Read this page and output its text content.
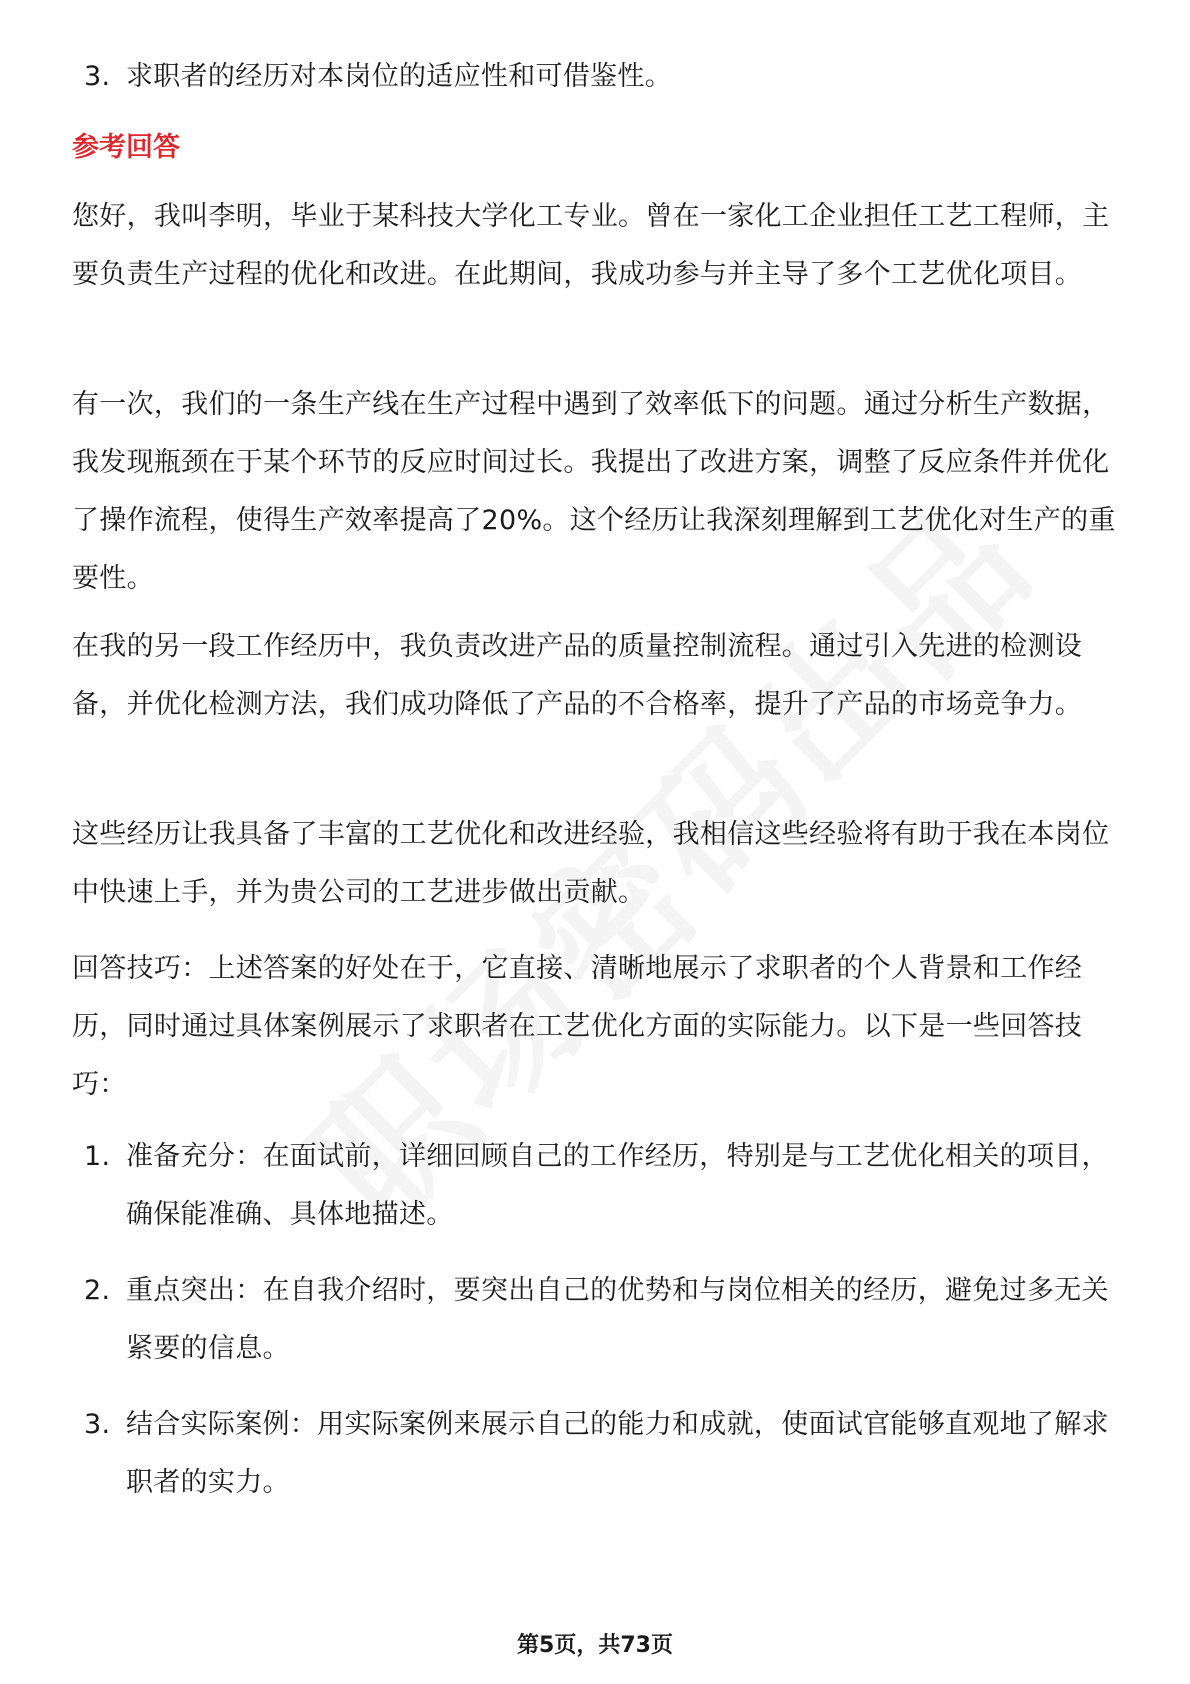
3. 求职者的经历对本岗位的适应性和可借鉴性。
参考回答
您好，我叫李明，毕业于某科技大学化工专业。曾在一家化工企业担任工艺工程师，主要负责生产过程的优化和改进。在此期间，我成功参与并主导了多个工艺优化项目。
有一次，我们的一条生产线在生产过程中遇到了效率低下的问题。通过分析生产数据，我发现瓶颈在于某个环节的反应时间过长。我提出了改进方案，调整了反应条件并优化了操作流程，使得生产效率提高了20%。这个经历让我深刻理解到工艺优化对生产的重要性。
在我的另一段工作经历中，我负责改进产品的质量控制流程。通过引入先进的检测设备，并优化检测方法，我们成功降低了产品的不合格率，提升了产品的市场竞争力。
这些经历让我具备了丰富的工艺优化和改进经验，我相信这些经验将有助于我在本岗位中快速上手，并为贵公司的工艺进步做出贡献。
回答技巧：上述答案的好处在于，它直接、清晰地展示了求职者的个人背景和工作经历，同时通过具体案例展示了求职者在工艺优化方面的实际能力。以下是一些回答技巧：
1. 准备充分：在面试前，详细回顾自己的工作经历，特别是与工艺优化相关的项目，确保能准确、具体地描述。
2. 重点突出：在自我介绍时，要突出自己的优势和与岗位相关的经历，避免过多无关紧要的信息。
3. 结合实际案例：用实际案例来展示自己的能力和成就，使面试官能够直观地了解求职者的实力。
第5页，共73页
